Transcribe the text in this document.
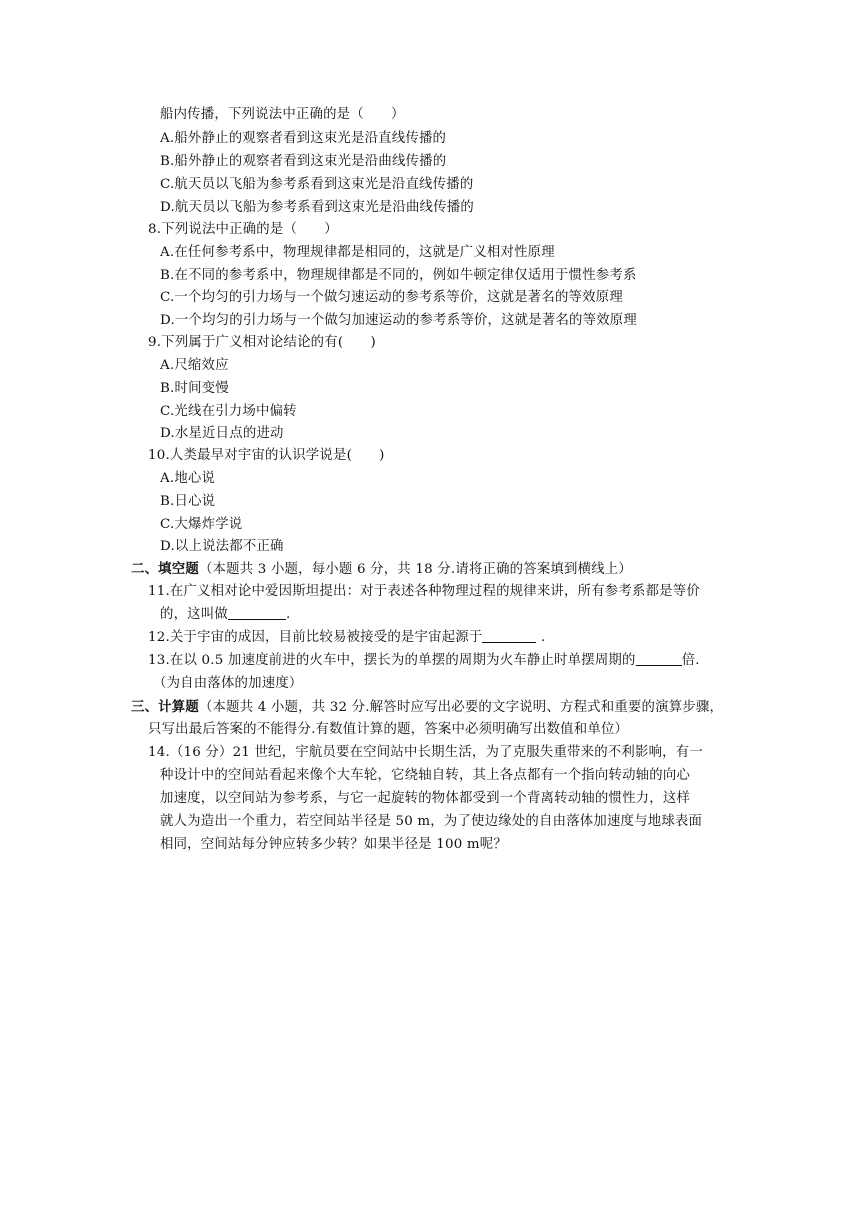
船内传播，下列说法中正确的是（　　）
A.船外静止的观察者看到这束光是沿直线传播的
B.船外静止的观察者看到这束光是沿曲线传播的
C.航天员以飞船为参考系看到这束光是沿直线传播的
D.航天员以飞船为参考系看到这束光是沿曲线传播的
8.下列说法中正确的是（　　）
A.在任何参考系中，物理规律都是相同的，这就是广义相对性原理
B.在不同的参考系中，物理规律都是不同的，例如牛顿定律仅适用于惯性参考系
C.一个均匀的引力场与一个做匀速运动的参考系等价，这就是著名的等效原理
D.一个均匀的引力场与一个做匀加速运动的参考系等价，这就是著名的等效原理
9.下列属于广义相对论结论的有(　　)
A.尺缩效应
B.时间变慢
C.光线在引力场中偏转
D.水星近日点的进动
10.人类最早对宇宙的认识学说是(　　)
A.地心说
B.日心说
C.大爆炸学说
D.以上说法都不正确
二、填空题（本题共 3 小题，每小题 6 分，共 18 分.请将正确的答案填到横线上）
11.在广义相对论中爱因斯坦提出：对于表述各种物理过程的规律来讲，所有参考系都是等价
的，这叫做	.
12.关于宇宙的成因，目前比较易被接受的是宇宙起源于	.
13.在以 0.5 加速度前进的火车中，摆长为的单摆的周期为火车静止时单摆周期的	倍.
（为自由落体的加速度）
三、计算题（本题共 4 小题，共 32 分.解答时应写出必要的文字说明、方程式和重要的演算步骤，
只写出最后答案的不能得分.有数值计算的题，答案中必须明确写出数值和单位）
14.（16 分）21 世纪，宇航员要在空间站中长期生活，为了克服失重带来的不利影响，有一
种设计中的空间站看起来像个大车轮，它绕轴自转，其上各点都有一个指向转动轴的向心
加速度，以空间站为参考系，与它一起旋转的物体都受到一个背离转动轴的惯性力，这样
就人为造出一个重力，若空间站半径是 50 m，为了使边缘处的自由落体加速度与地球表面
相同，空间站每分钟应转多少转？如果半径是 100 m呢？
